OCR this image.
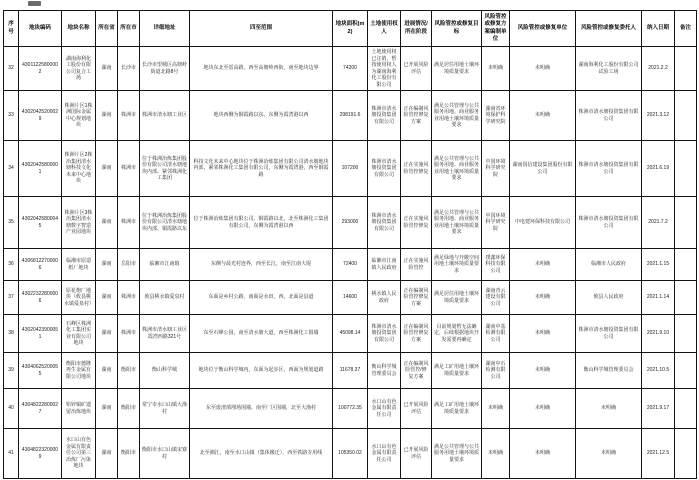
序号	地块编码	地块名称	所在省	所在市	详细地址	四至范围	地块面积(m2)	土地使用权人	进展情况/所在阶段	风险管控或修复目标	风险管控或修复方案编制单位	风险管控或修复单位	风险管控或修复委托人	纳入日期	备注
32	43011225800002	湖南海利化工股份有限公司复合工场	湖南	长沙市	长沙市望城区高塘岭街道北路8号	地块东北至雷高路，西至高塘岭西街，南至地块边界	74200	土地使用权已注销，暂按使用权人为湖南海利化工股份有限公司	已开展风险评估	满足居住用地土壤环境质量要求	未明确	未明确	湖南海利化工股份有限公司试验工场	2021.2.2	
33	43020425200029	株洲片区1株洲国际金属中心规划地块	湖南	株洲市	株洲市清水塘工业区	地块西侧为铜霞路以东、东侧为霞湾港以西	298191.6	株洲市清水塘投资集团有限公司	正在编制风险管控修复方案	满足公共管理与公共服务用地、商业服务业用地土壤环境质量要求	湖南省环境保护科学研究院	未明确	株洲市清水塘投资集团有限公司	2021.3.12	
34	43020425800001	株洲片区2株冶集团清水塘科技文化未来中心地块	湖南	株洲市	位于株洲冶炼集团股份有限公司清水塘地块内部、紧邻株洲化工集团	科技文化未来中心地块位于株洲冶炼集团有限公司清水塘地块内部，紧邻株洲化工集团有限公司，东侧为霞湾港，西至铜霞路	107200	株洲市清水塘投资集团有限公司	正在实施风险管控修复	满足公共管理与公共服务用地、商业服务业用地土壤环境质量要求	中国环境科学研究院	湖南国信建设集团股份有限公司	株洲市清水塘投资集团有限公司	2021.6.19	
35	43020425800045	株洲片区3株冶集团清水塘数字智造产业园地块	湖南	株洲市	位于株洲冶炼集团股份有限公司清水塘地块内部、铜霞路以东	位于株洲冶炼集团有限公司、铜霞路以北，北至株洲化工集团有限公司，东侧为霞湾港以西	293000	株洲市清水塘投资集团有限公司	正在实施风险管控修复	满足公共管理与公共服务用地、商业服务业用地土壤环境质量要求	中国环境科学研究院	中电建环保科技有限公司	株洲市清水塘投资集团有限公司	2021.7.2	
36	43068122700006	临湘市原造纸厂地块	湖南	岳阳市	临湘市江南镇	东侧与晨光村连界，西至长江，南至江南大堤	72400	临湘市江南镇人民政府	正在实施风险管控	满足绿地与开敞空间用地土壤环境质量要求	璞鑫环保科技有限公司	未明确	临湘市人民政府	2021.1.15	
37	43022322800006	原花炮厂地块（攸县桃水镇爱泉村）	湖南	株洲市	攸县桃水镇爱泉村	东面是乡村公路，南面是水田，西、北面是县道	14600	桃水镇人民政府	正在编制风险管控修复方案	满足居住用地土壤环境质量要求	湖南青云建设有限公司	未明确	攸县人民政府	2021.1.14	
38	43020423900051	石峰区株洲化工集团实业有限公司地块	湖南	株洲市	株洲市清水塘工业区霞湾西路321号	东至石峰公园，南至清水塘大道，西至株洲化工围墙	45098.14	株洲市清水塘投资集团有限公司	正在编制风险管控修复方案	目前规划暂无法确定，后续根据地块开发需要再确定	湖南中基检测有限公司	未明确	株洲市清水塘投资集团有限公司	2021.9.10	
39	43040625200055	衡阳市德隆再生金属有限公司地块	湖南	衡阳市	衡山科学城	地块位于衡山科学城内，东面为起步区，西面为规划道路	11678.37	衡山科学城管理委员会	正在编制风险管控/修复方案	满足工矿用地土壤环境质量要求	湖南中石检测有限公司	未明确	衡山科学城管理委员会	2021.10.5	
40	43048222800027	铅锌铜矿遗留冶炼地块	湖南	衡阳市	常宁市水口山镇大渔村	东至废渣填埋场围墙，南至厂区围墙，北至大渔村	100772.35	水口山有色金属有限责任公司	已开展风险评估	满足工矿用地土壤环境质量要求	未明确	未明确	未明确	2021.9.17	
41	43048223200009	水口山有色金属有限责任公司第三冶炼厂污染地块	湖南	衡阳市	衡阳市水口山镇宋寮村	北至湘江，南至水口山镇（集体搬迁），西至铁路专用线	105350.02	水口山有色金属有限责任公司	已开展风险评估	满足公共管理与公共服务用地土壤环境质量要求	未明确	未明确	未明确	2021.12.5	
